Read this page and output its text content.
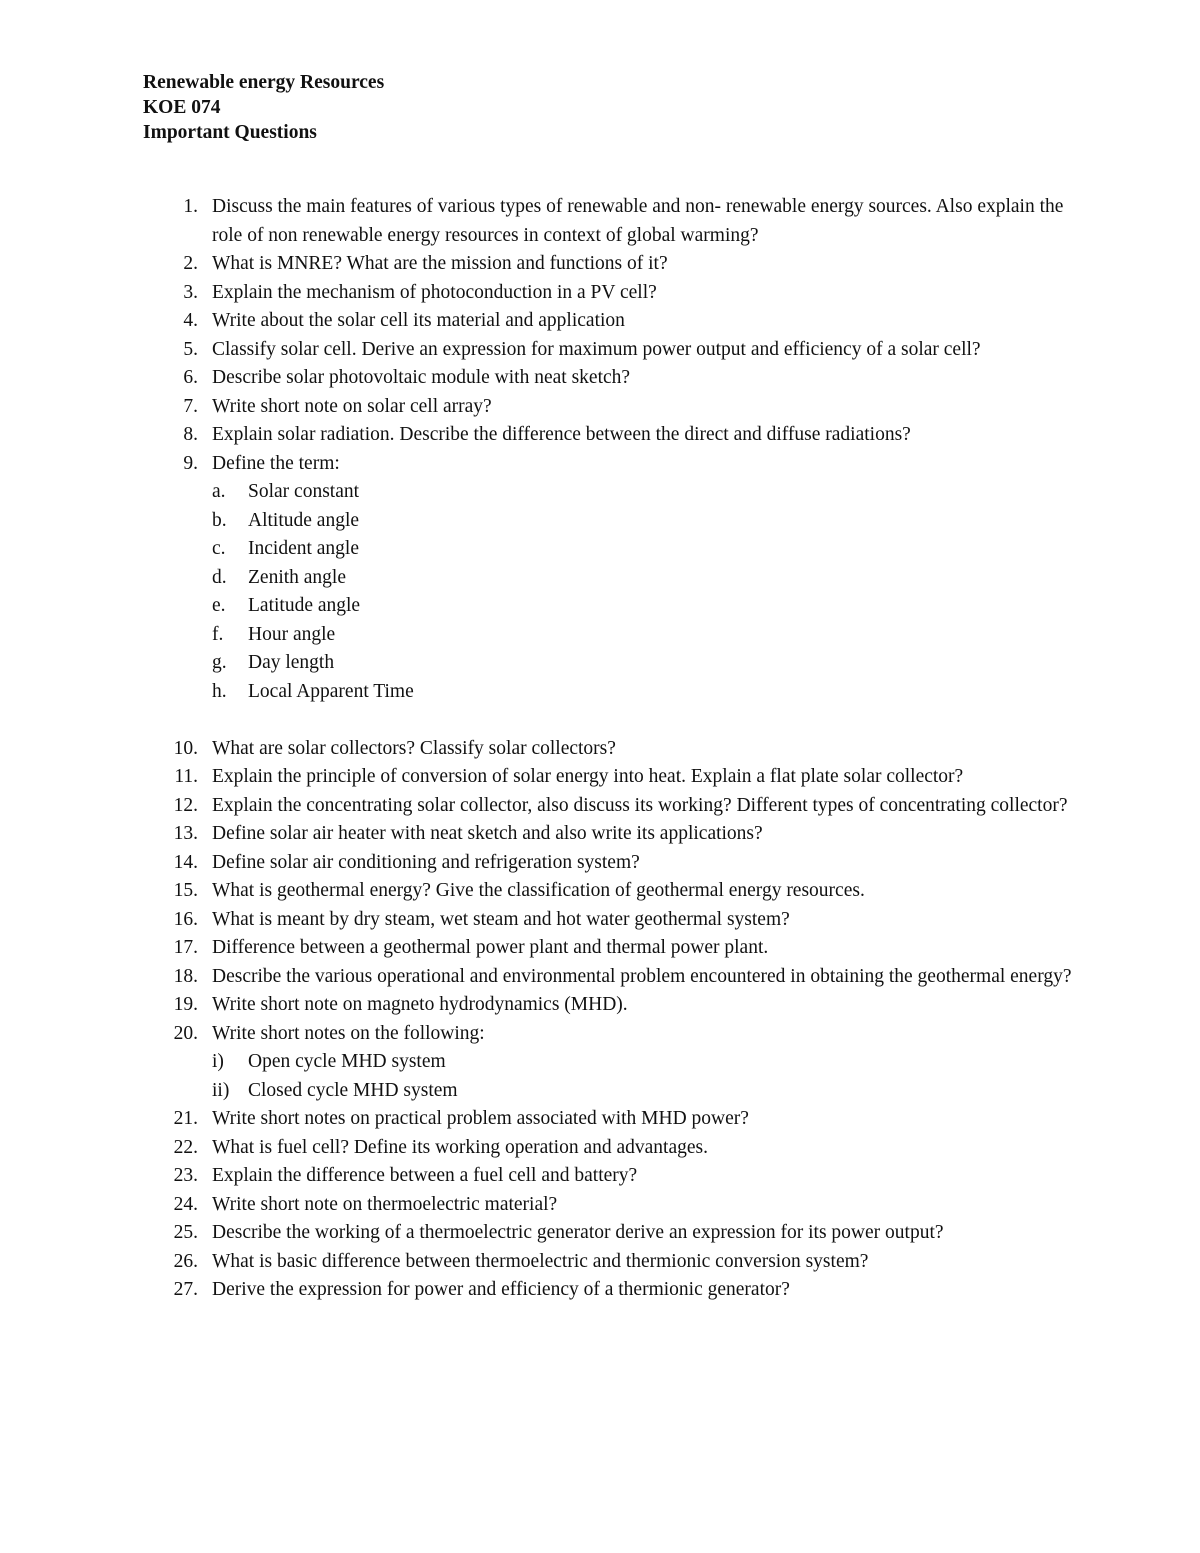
Renewable energy Resources
KOE 074
Important Questions
1 . Discuss the main features of various types of renewable and non- renewable energy sources. Also explain the role of non renewable energy resources in context of global warming?
2 . What is MNRE? What are the mission and functions of it?
3 . Explain the mechanism of photoconduction in a PV cell?
4 . Write about the solar cell its material and application
5 . Classify solar cell. Derive an expression for maximum power output and efficiency of a solar cell?
6 . Describe solar photovoltaic module with neat sketch?
7 . Write short note on solar cell array?
8 . Explain solar radiation. Describe the difference between the direct and diffuse radiations?
9 . Define the term:
a. Solar constant
b. Altitude angle
c. Incident angle
d. Zenith angle
e. Latitude angle
f. Hour angle
g. Day length
h. Local Apparent Time
10 . What are solar collectors? Classify solar collectors?
11 . Explain the principle of conversion of solar energy into heat. Explain a flat plate solar collector?
12 . Explain the concentrating solar collector, also discuss its working? Different types of concentrating collector?
13 . Define solar air heater with neat sketch and also write its applications?
14 . Define solar air conditioning and refrigeration system?
15 . What is geothermal energy? Give the classification of geothermal energy resources.
16 . What is meant by dry steam, wet steam and hot water geothermal system?
17 . Difference between a geothermal power plant and thermal power plant.
18 . Describe the various operational and environmental problem encountered in obtaining the geothermal energy?
19 . Write short note on magneto hydrodynamics (MHD).
20 . Write short notes on the following:
i) Open cycle MHD system
ii) Closed cycle MHD system
21 . Write short notes on practical problem associated with MHD power?
22 . What is fuel cell? Define its working operation and advantages.
23 . Explain the difference between a fuel cell and battery?
24 . Write short note on thermoelectric material?
25 . Describe the working of a thermoelectric generator derive an expression for its power output?
26 . What is basic difference between thermoelectric and thermionic conversion system?
27 . Derive the expression for power and efficiency of a thermionic generator?
